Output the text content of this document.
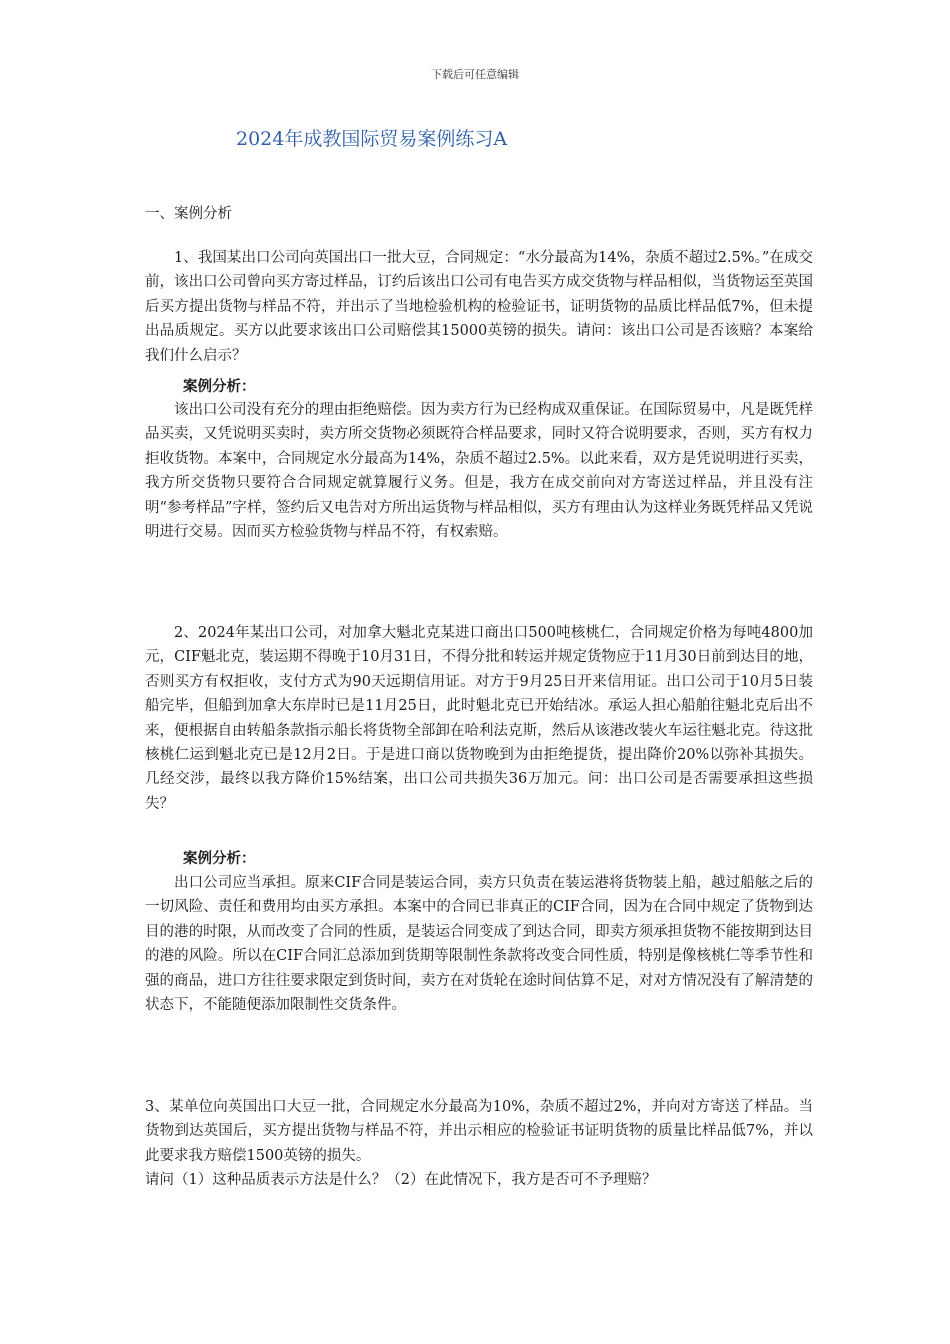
下载后可任意编辑
2024年成教国际贸易案例练习A
一、案例分析
1、我国某出口公司向英国出口一批大豆，合同规定：“水分最高为14%，杂质不超过2.5%。”在成交前，该出口公司曾向买方寄过样品，订约后该出口公司有电告买方成交货物与样品相似，当货物运至英国后买方提出货物与样品不符，并出示了当地检验机构的检验证书，证明货物的品质比样品低7%，但未提出品质规定。买方以此要求该出口公司赔偿其15000英镑的损失。请问：该出口公司是否该赔？本案给我们什么启示？
案例分析：
该出口公司没有充分的理由拒绝赔偿。因为卖方行为已经构成双重保证。在国际贸易中，凡是既凭样品买卖，又凭说明买卖时，卖方所交货物必须既符合样品要求，同时又符合说明要求，否则，买方有权力拒收货物。本案中，合同规定水分最高为14%，杂质不超过2.5%。以此来看，双方是凭说明进行买卖，我方所交货物只要符合合同规定就算履行义务。但是，我方在成交前向对方寄送过样品，并且没有注明“参考样品”字样，签约后又电告对方所出运货物与样品相似，买方有理由认为这样业务既凭样品又凭说明进行交易。因而买方检验货物与样品不符，有权索赔。
2、2024年某出口公司，对加拿大魁北克某进口商出口500吨核桃仁，合同规定价格为每吨4800加元，CIF魁北克，装运期不得晚于10月31日，不得分批和转运并规定货物应于11月30日前到达目的地，否则买方有权拒收，支付方式为90天远期信用证。对方于9月25日开来信用证。出口公司于10月5日装船完毕，但船到加拿大东岸时已是11月25日，此时魁北克已开始结冰。承运人担心船舶往魁北克后出不来，便根据自由转船条款指示船长将货物全部卸在哈利法克斯，然后从该港改装火车运往魁北克。待这批核桃仁运到魁北克已是12月2日。于是进口商以货物晚到为由拒绝提货，提出降价20%以弥补其损失。几经交涉，最终以我方降价15%结案，出口公司共损失36万加元。问：出口公司是否需要承担这些损失？
案例分析：
出口公司应当承担。原来CIF合同是装运合同，卖方只负责在装运港将货物装上船，越过船舷之后的一切风险、责任和费用均由买方承担。本案中的合同已非真正的CIF合同，因为在合同中规定了货物到达目的港的时限，从而改变了合同的性质，是装运合同变成了到达合同，即卖方须承担货物不能按期到达目的港的风险。所以在CIF合同汇总添加到货期等限制性条款将改变合同性质，特别是像核桃仁等季节性和强的商品，进口方往往要求限定到货时间，卖方在对货轮在途时间估算不足，对对方情况没有了解清楚的状态下，不能随便添加限制性交货条件。
3、某单位向英国出口大豆一批，合同规定水分最高为10%，杂质不超过2%，并向对方寄送了样品。当货物到达英国后，买方提出货物与样品不符，并出示相应的检验证书证明货物的质量比样品低7%，并以此要求我方赔偿1500英镑的损失。
请问（1）这种品质表示方法是什么？（2）在此情况下，我方是否可不予理赔？
